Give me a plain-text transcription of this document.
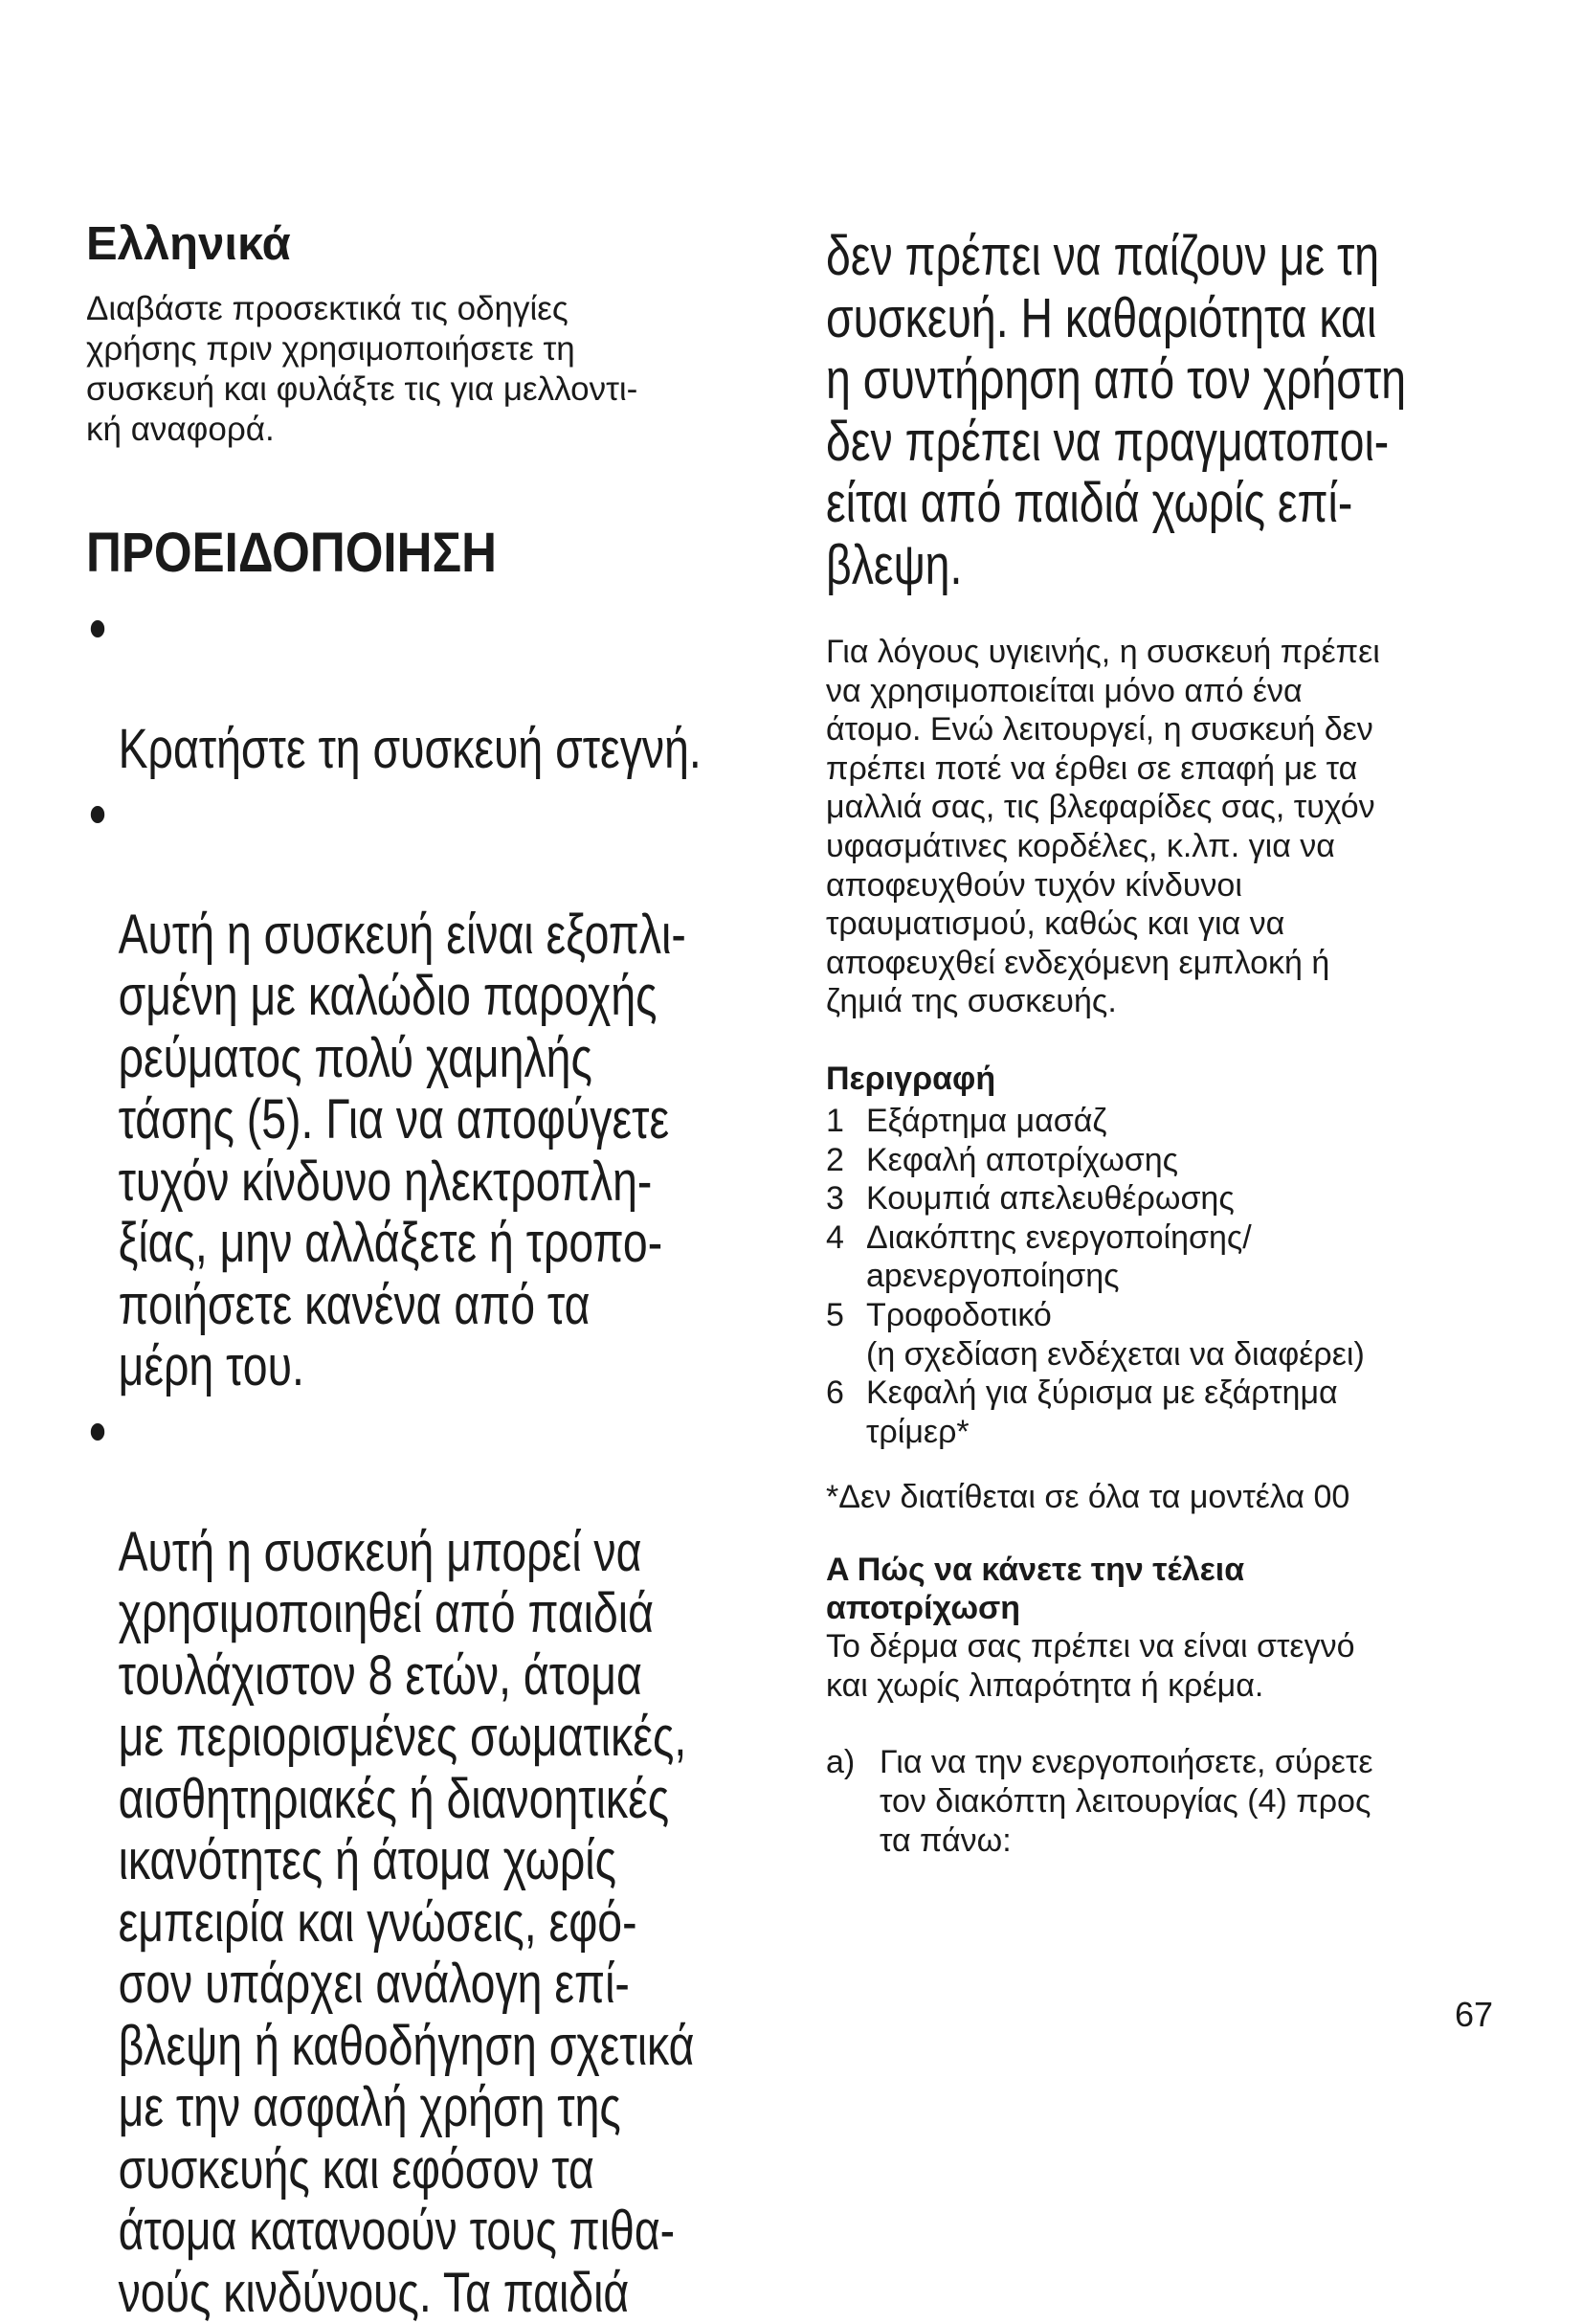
Ελληνικά

Διαβάστε προσεκτικά τις οδηγίες
χρήσης πριν χρησιμοποιήσετε τη
συσκευή και φυλάξτε τις για μελλοντι-
κή αναφορά.

ΠΡΟΕΙΔΟΠΟΙΗΣΗ

Κρατήστε τη συσκευή στεγνή.

Αυτή η συσκευή είναι εξοπλι-
σμένη με καλώδιο παροχής
ρεύματος πολύ χαμηλής
τάσης (5). Για να αποφύγετε
τυχόν κίνδυνο ηλεκτροπλη-
ξίας, μην αλλάξετε ή τροπο-
ποιήσετε κανένα από τα
μέρη του.

Αυτή η συσκευή μπορεί να
χρησιμοποιηθεί από παιδιά
τουλάχιστον 8 ετών, άτομα
με περιορισμένες σωματικές,
αισθητηριακές ή διανοητικές
ικανότητες ή άτομα χωρίς
εμπειρία και γνώσεις, εφό-
σον υπάρχει ανάλογη επί-
βλεψη ή καθοδήγηση σχετικά
με την ασφαλή χρήση της
συσκευής και εφόσον τα
άτομα κατανοούν τους πιθα-
νούς κινδύνους. Τα παιδιά

δεν πρέπει να παίζουν με τη
συσκευή. Η καθαριότητα και
η συντήρηση από τον χρήστη
δεν πρέπει να πραγματοποι-
είται από παιδιά χωρίς επί-
βλεψη.

Για λόγους υγιεινής, η συσκευή πρέπει
να χρησιμοποιείται μόνο από ένα
άτομο. Ενώ λειτουργεί, η συσκευή δεν
πρέπει ποτέ να έρθει σε επαφή με τα
μαλλιά σας, τις βλεφαρίδες σας, τυχόν
υφασμάτινες κορδέλες, κ.λπ. για να
αποφευχθούν τυχόν κίνδυνοι
τραυματισμού, καθώς και για να
αποφευχθεί ενδεχόμενη εμπλοκή ή
ζημιά της συσκευής.

Περιγραφή
1 Εξάρτημα μασάζ
2 Κεφαλή αποτρίχωσης
3 Κουμπιά απελευθέρωσης
4 Διακόπτης ενεργοποίησης/
apενεργοποίησης
5 Τροφοδοτικό
(η σχεδίαση ενδέχεται να διαφέρει)
6 Κεφαλή για ξύρισμα με εξάρτημα
τρίμερ*

*Δεν διατίθεται σε όλα τα μοντέλα 00

A Πώς να κάνετε την τέλεια
αποτρίχωση

Το δέρμα σας πρέπει να είναι στεγνό
και χωρίς λιπαρότητα ή κρέμα.

a) Για να την ενεργοποιήσετε, σύρετε
τον διακόπτη λειτουργίας (4) προς
τα πάνω:
67
